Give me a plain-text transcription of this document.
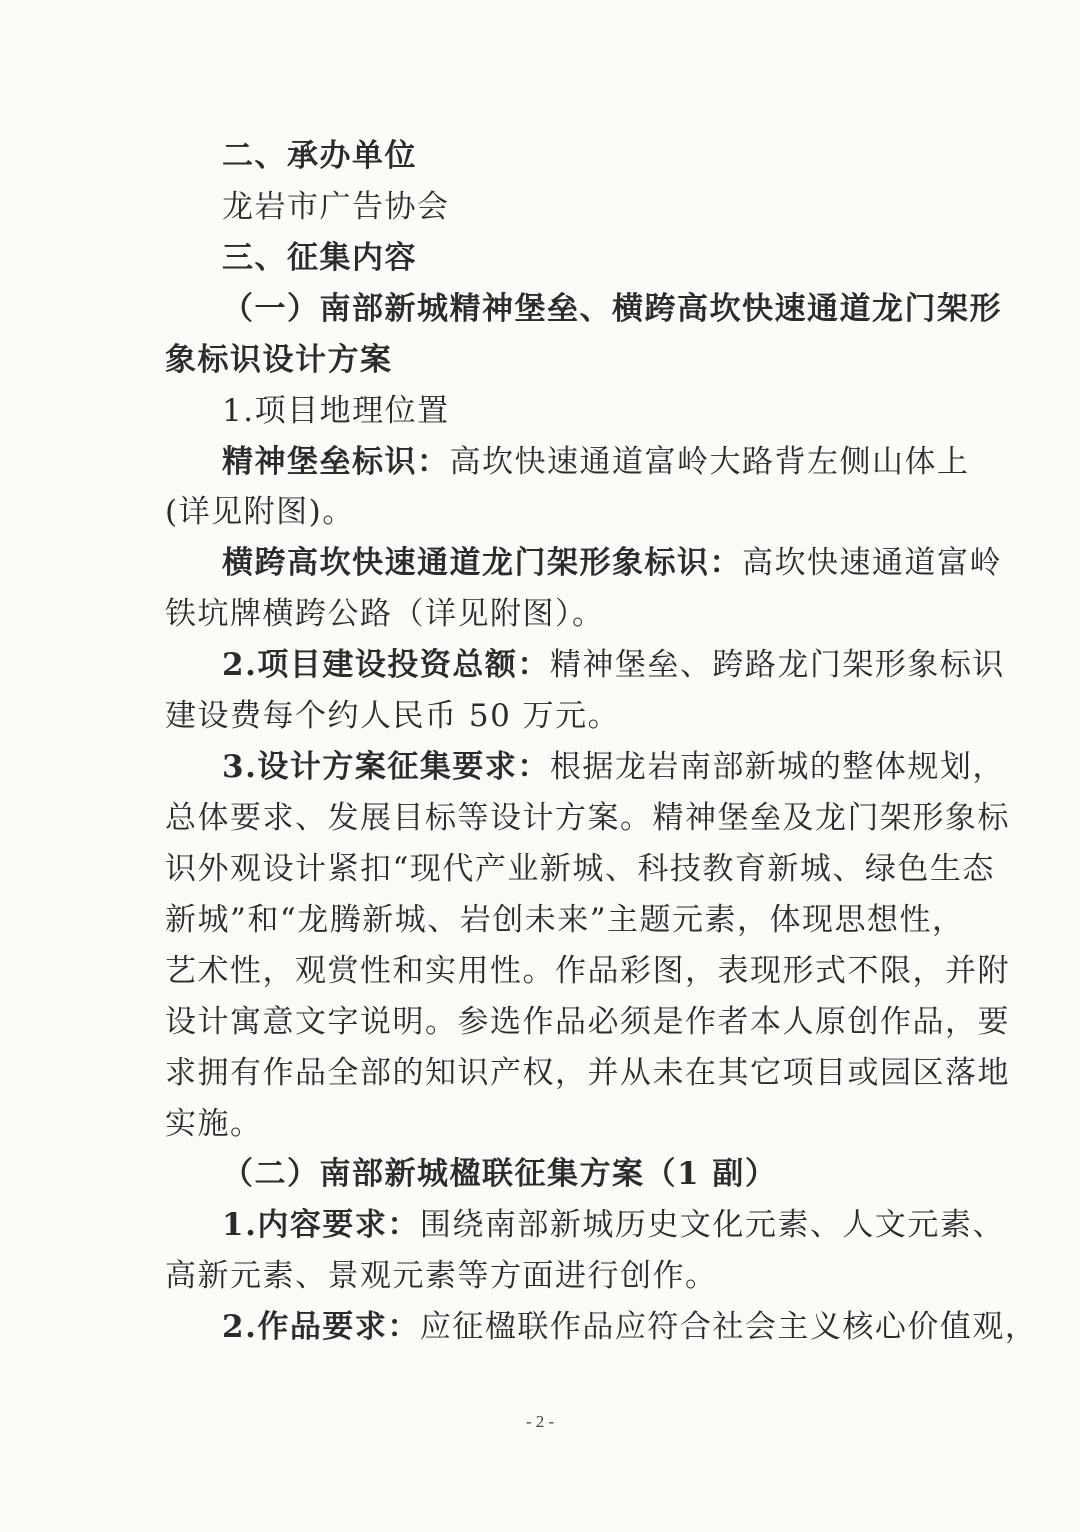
二、承办单位
龙岩市广告协会
三、征集内容
（一）南部新城精神堡垒、横跨高坎快速通道龙门架形
象标识设计方案
1.项目地理位置
精神堡垒标识：高坎快速通道富岭大路背左侧山体上
(详见附图)。
横跨高坎快速通道龙门架形象标识：高坎快速通道富岭
铁坑牌横跨公路（详见附图）。
2.项目建设投资总额：精神堡垒、跨路龙门架形象标识
建设费每个约人民币 50 万元。
3.设计方案征集要求：根据龙岩南部新城的整体规划，
总体要求、发展目标等设计方案。精神堡垒及龙门架形象标
识外观设计紧扣“现代产业新城、科技教育新城、绿色生态
新城”和“龙腾新城、岩创未来”主题元素，体现思想性，
艺术性，观赏性和实用性。作品彩图，表现形式不限，并附
设计寓意文字说明。参选作品必须是作者本人原创作品，要
求拥有作品全部的知识产权，并从未在其它项目或园区落地
实施。
（二）南部新城楹联征集方案（1 副）
1.内容要求：围绕南部新城历史文化元素、人文元素、
高新元素、景观元素等方面进行创作。
2.作品要求：应征楹联作品应符合社会主义核心价值观，
- 2 -
